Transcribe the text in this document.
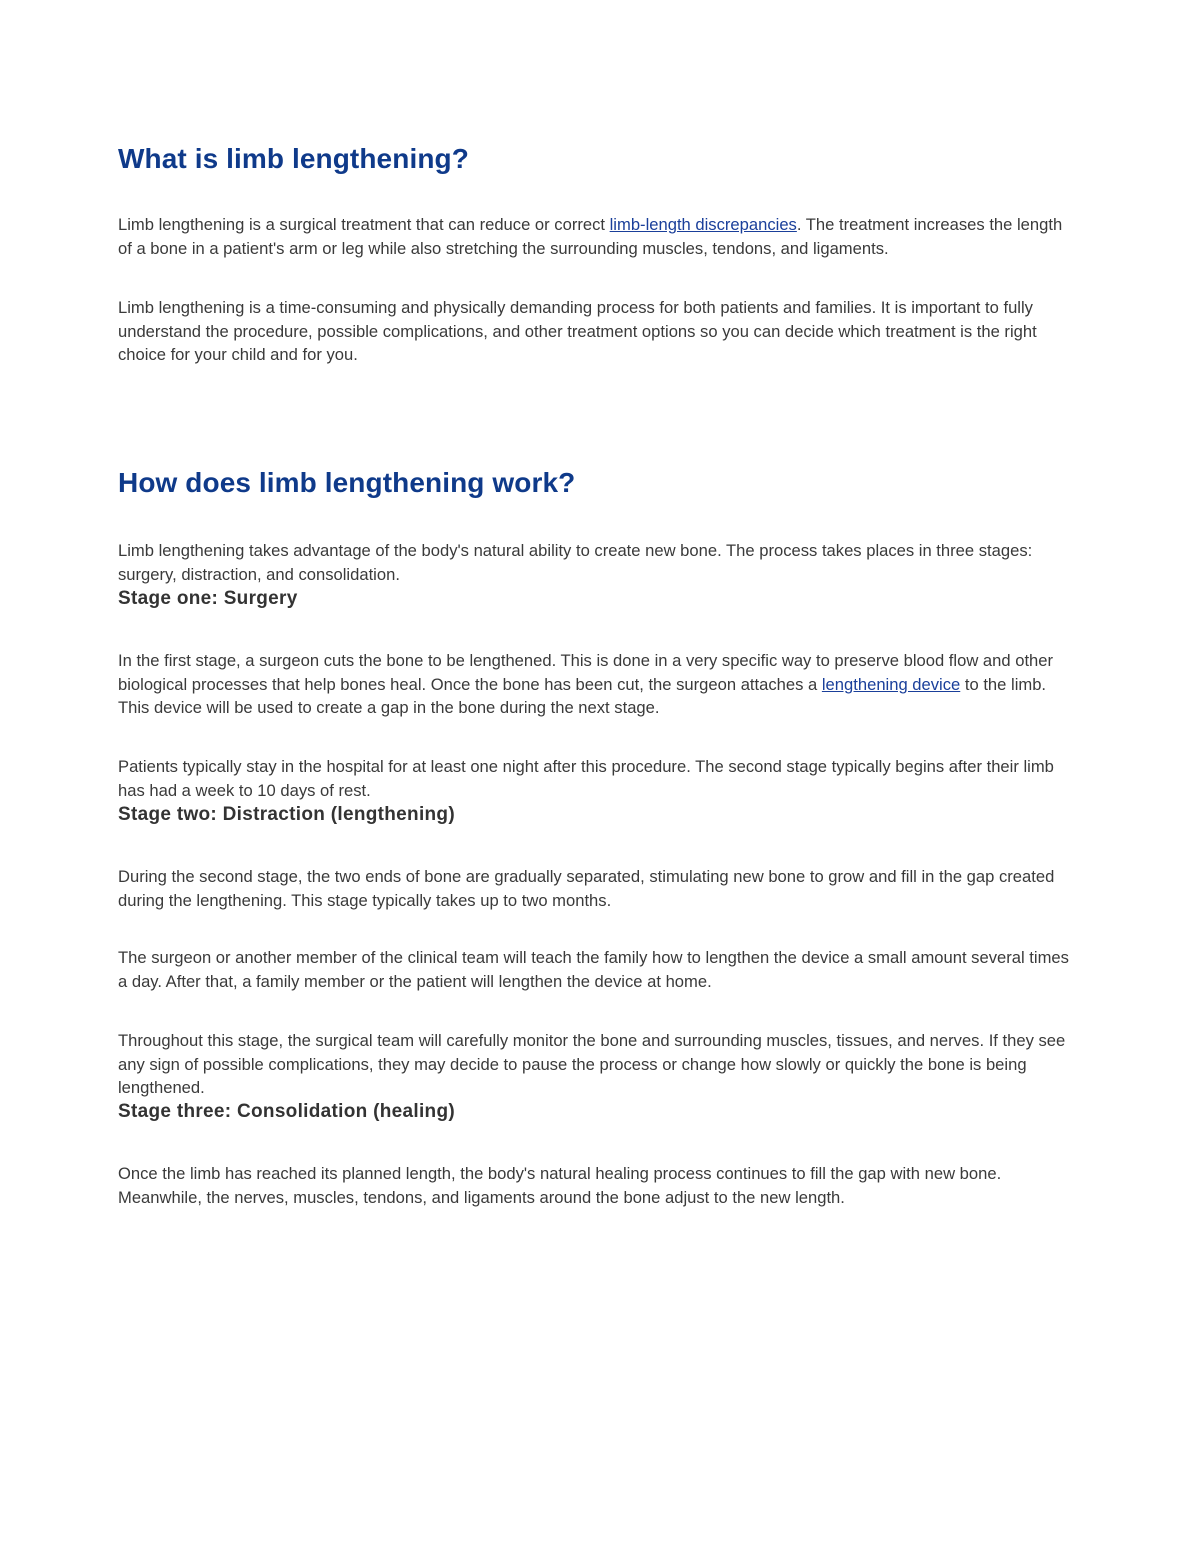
What is limb lengthening?

Limb lengthening is a surgical treatment that can reduce or correct limb-length discrepancies. The treatment increases the length of a bone in a patient's arm or leg while also stretching the surrounding muscles, tendons, and ligaments.

Limb lengthening is a time-consuming and physically demanding process for both patients and families. It is important to fully understand the procedure, possible complications, and other treatment options so you can decide which treatment is the right choice for your child and for you.

How does limb lengthening work?

Limb lengthening takes advantage of the body's natural ability to create new bone. The process takes places in three stages: surgery, distraction, and consolidation.

Stage one: Surgery

In the first stage, a surgeon cuts the bone to be lengthened. This is done in a very specific way to preserve blood flow and other biological processes that help bones heal. Once the bone has been cut, the surgeon attaches a lengthening device to the limb. This device will be used to create a gap in the bone during the next stage.

Patients typically stay in the hospital for at least one night after this procedure. The second stage typically begins after their limb has had a week to 10 days of rest.

Stage two: Distraction (lengthening)

During the second stage, the two ends of bone are gradually separated, stimulating new bone to grow and fill in the gap created during the lengthening. This stage typically takes up to two months.

The surgeon or another member of the clinical team will teach the family how to lengthen the device a small amount several times a day. After that, a family member or the patient will lengthen the device at home.

Throughout this stage, the surgical team will carefully monitor the bone and surrounding muscles, tissues, and nerves. If they see any sign of possible complications, they may decide to pause the process or change how slowly or quickly the bone is being lengthened.

Stage three: Consolidation (healing)

Once the limb has reached its planned length, the body's natural healing process continues to fill the gap with new bone. Meanwhile, the nerves, muscles, tendons, and ligaments around the bone adjust to the new length.
